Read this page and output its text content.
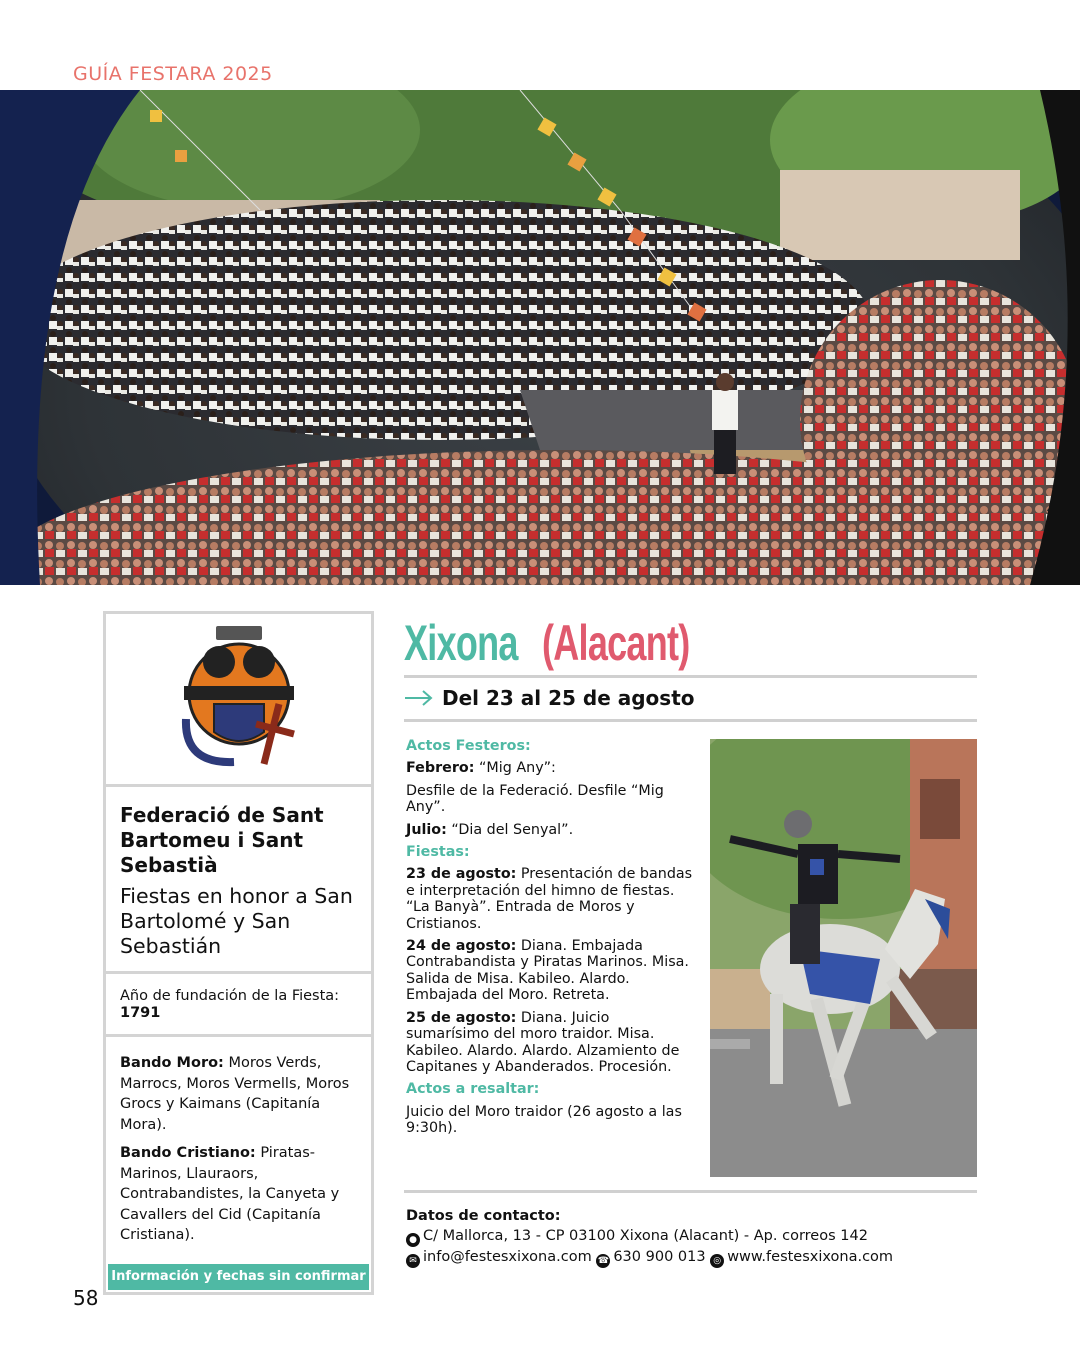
GUÍA FESTARA 2025
Federació de Sant Bartomeu i Sant Sebastià
Fiestas en honor a San Bartolomé y San Sebastián
Año de fundación de la Fiesta: 1791

Bando Moro: Moros Verds, Marrocs, Moros Vermells, Moros Grocs y Kaimans (Capitanía Mora).

Bando Cristiano: Piratas-Marinos, Llauraors, Contrabandistes, la Canyeta y Cavallers del Cid (Capitanía Cristiana).

Información y fechas sin confirmar
Xixona (Alacant)
Del 23 al 25 de agosto
Actos Festeros:

Febrero: “Mig Any”:

Desfile de la Federació. Desfile “Mig Any”.

Julio: “Dia del Senyal”.

Fiestas:

23 de agosto: Presentación de bandas e interpretación del himno de fiestas. “La Banyà”. Entrada de Moros y Cristianos.

24 de agosto: Diana. Embajada Contrabandista y Piratas Marinos. Misa. Salida de Misa. Kabileo. Alardo. Embajada del Moro. Retreta.

25 de agosto: Diana. Juicio sumarísimo del moro traidor. Misa. Kabileo. Alardo. Alardo. Alzamiento de Capitanes y Abanderados. Procesión.

Actos a resaltar:

Juicio del Moro traidor (26 agosto a las 9:30h).

Datos de contacto:
● C/ Mallorca, 13 - CP 03100 Xixona (Alacant) - Ap. correos 142
✉ info@festesxixona.com ☎ 630 900 013 ◎ www.festesxixona.com
58
